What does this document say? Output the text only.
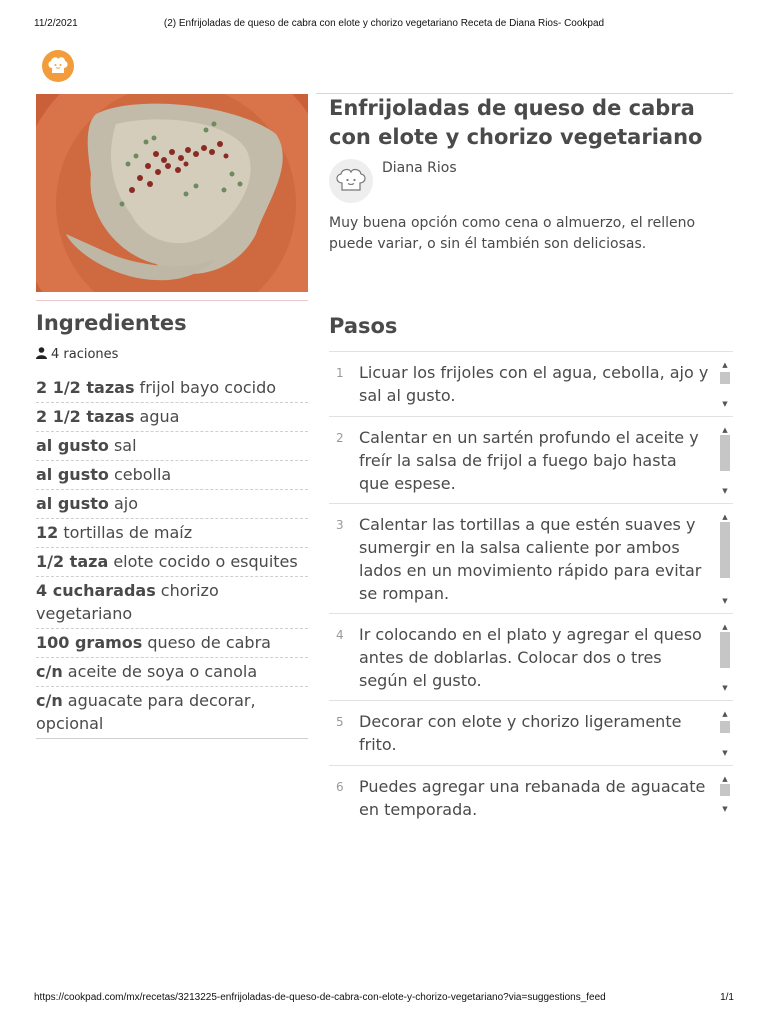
11/2/2021	(2) Enfrijoladas de queso de cabra con elote y chorizo vegetariano Receta de Diana Rios- Cookpad
Enfrijoladas de queso de cabra con elote y chorizo vegetariano
Diana Rios
Muy buena opción como cena o almuerzo, el relleno puede variar, o sin él también son deliciosas.
Ingredientes
4 raciones
2 1/2 tazas frijol bayo cocido
2 1/2 tazas agua
al gusto sal
al gusto cebolla
al gusto ajo
12 tortillas de maíz
1/2 taza elote cocido o esquites
4 cucharadas chorizo vegetariano
100 gramos queso de cabra
c/n aceite de soya o canola
c/n aguacate para decorar, opcional
Pasos
1 Licuar los frijoles con el agua, cebolla, ajo y sal al gusto.
▲
▼
2 Calentar en un sartén profundo el aceite y freír la salsa de frijol a fuego bajo hasta que espese.
▲
▼
3 Calentar las tortillas a que estén suaves y sumergir en la salsa caliente por ambos lados en un movimiento rápido para evitar se rompan.
▲
▼
4 Ir colocando en el plato y agregar el queso antes de doblarlas. Colocar dos o tres según el gusto.
▲
▼
5 Decorar con elote y chorizo ligeramente frito.
▲
▼
6 Puedes agregar una rebanada de aguacate en temporada.
▲
▼
https://cookpad.com/mx/recetas/3213225-enfrijoladas-de-queso-de-cabra-con-elote-y-chorizo-vegetariano?via=suggestions_feed	1/1
